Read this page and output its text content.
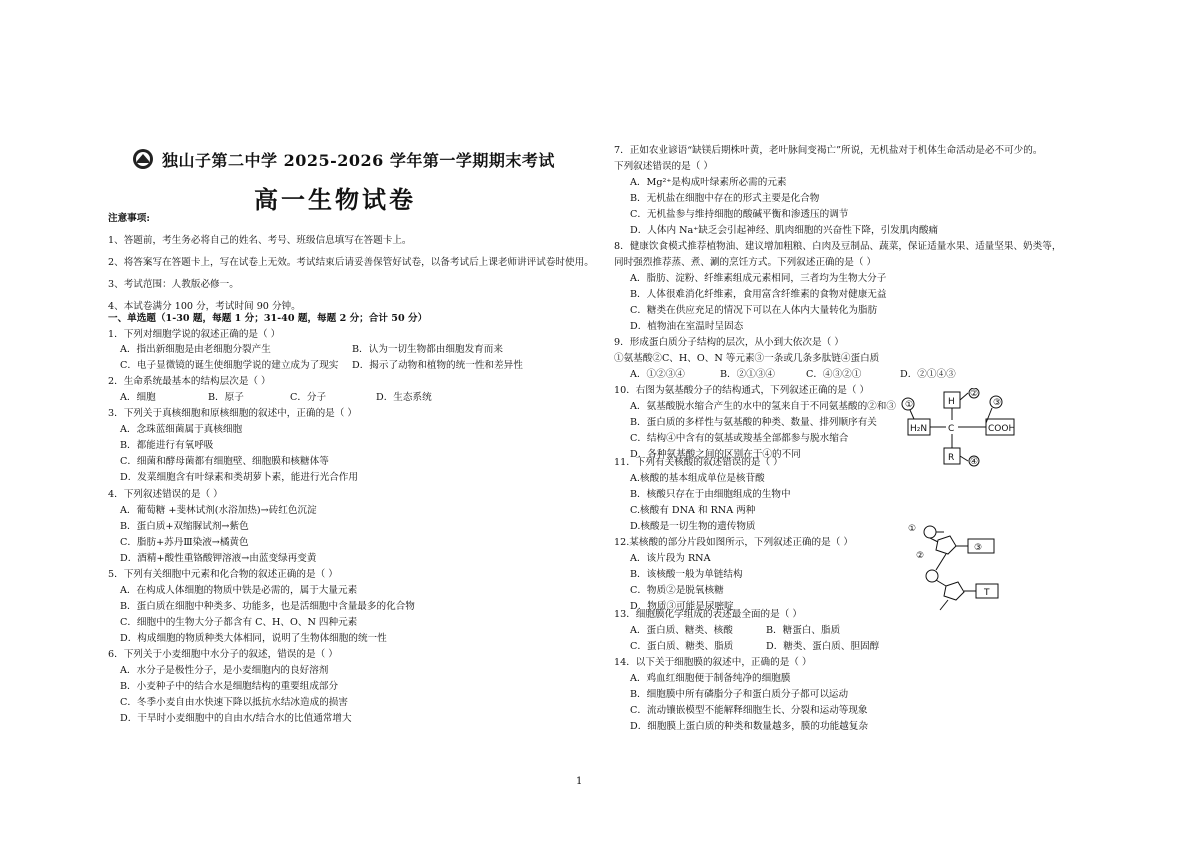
独山子第二中学 2025-2026 学年第一学期期末考试
高一生物试卷
注意事项:
1、答题前，考生务必将自己的姓名、考号、班级信息填写在答题卡上。
2、将答案写在答题卡上，写在试卷上无效。考试结束后请妥善保管好试卷，以备考试后上课老师讲评试卷时使用。
3、考试范围：人教版必修一。
4、本试卷满分 100 分，考试时间 90 分钟。
一、单选题（1-30 题，每题 1 分；31-40 题，每题 2 分；合计 50 分）
1．下列对细胞学说的叙述正确的是（ ）
A．指出新细胞是由老细胞分裂产生	B．认为一切生物都由细胞发育而来
C．电子显微镜的诞生使细胞学说的建立成为了现实 D．揭示了动物和植物的统一性和差异性
2．生命系统最基本的结构层次是（ ）
A．细胞	B．原子	C．分子	D．生态系统
3．下列关于真核细胞和原核细胞的叙述中，正确的是（ ）
A．念珠蓝细菌属于真核细胞
B．都能进行有氧呼吸
C．细菌和酵母菌都有细胞壁、细胞膜和核糖体等
D．发菜细胞含有叶绿素和类胡萝卜素，能进行光合作用
4．下列叙述错误的是（ ）
A．葡萄糖 +斐林试剂(水浴加热)→砖红色沉淀
B．蛋白质+双缩脲试剂→紫色
C．脂肪+苏丹Ⅲ染液→橘黄色
D．酒精+酸性重铬酸钾溶液→由蓝变绿再变黄
5．下列有关细胞中元素和化合物的叙述正确的是（ ）
A．在构成人体细胞的物质中铁是必需的，属于大量元素
B．蛋白质在细胞中种类多、功能多，也是活细胞中含量最多的化合物
C．细胞中的生物大分子都含有 C、H、O、N 四种元素
D．构成细胞的物质种类大体相同，说明了生物体细胞的统一性
6．下列关于小麦细胞中水分子的叙述，错误的是（ ）
A．水分子是极性分子，是小麦细胞内的良好溶剂
B．小麦种子中的结合水是细胞结构的重要组成部分
C．冬季小麦自由水快速下降以抵抗水结冰造成的损害
D．干旱时小麦细胞中的自由水/结合水的比值通常增大
7．正如农业谚语“缺镁后期株叶黄，老叶脉间变褐亡”所说，无机盐对于机体生命活动是必不可少的。
下列叙述错误的是（ ）
A．Mg²⁺是构成叶绿素所必需的元素
B．无机盐在细胞中存在的形式主要是化合物
C．无机盐参与维持细胞的酸碱平衡和渗透压的调节
D．人体内 Na⁺缺乏会引起神经、肌肉细胞的兴奋性下降，引发肌肉酸痛
8．健康饮食模式推荐植物油、建议增加粗粮、白肉及豆制品、蔬菜，保证适量水果、适量坚果、奶类等，
同时强烈推荐蒸、煮、涮的烹饪方式。下列叙述正确的是（ ）
A．脂肪、淀粉、纤维素组成元素相同，三者均为生物大分子
B．人体很难消化纤维素，食用富含纤维素的食物对健康无益
C．糖类在供应充足的情况下可以在人体内大量转化为脂肪
D．植物油在室温时呈固态
9．形成蛋白质分子结构的层次，从小到大依次是（ ）
①氨基酸②C、H、O、N 等元素③一条或几条多肽链④蛋白质
A．①②③④	B．②①③④	C．④③②①	D．②①④③
10．右图为氨基酸分子的结构通式，下列叙述正确的是（ ）
A．氨基酸脱水缩合产生的水中的氢来自于不同氨基酸的②和③
B．蛋白质的多样性与氨基酸的种类、数量、排列顺序有关
C．结构④中含有的氨基或羧基全部都参与脱水缩合
D．各种氨基酸之间的区别在于④的不同
①
②
③
④
H
H₂N C	COOH
R
11．下列有关核酸的叙述错误的是（ ）
A.核酸的基本组成单位是核苷酸
B．核酸只存在于由细胞组成的生物中
C.核酸有 DNA 和 RNA 两种
D.核酸是一切生物的遗传物质
12.某核酸的部分片段如图所示，下列叙述正确的是（ ）
A．该片段为 RNA
B．该核酸一般为单链结构
C．物质②是脱氧核糖
D．物质③可能是尿嘧啶
①
②
③
T
13．细胞膜化学组成的表述最全面的是（ ）
A．蛋白质、糖类、核酸	B．糖蛋白、脂质
C．蛋白质、糖类、脂质	D．糖类、蛋白质、胆固醇
14．以下关于细胞膜的叙述中，正确的是（ ）
A．鸡血红细胞便于制备纯净的细胞膜
B．细胞膜中所有磷脂分子和蛋白质分子都可以运动
C．流动镶嵌模型不能解释细胞生长、分裂和运动等现象
D．细胞膜上蛋白质的种类和数量越多，膜的功能越复杂
1
